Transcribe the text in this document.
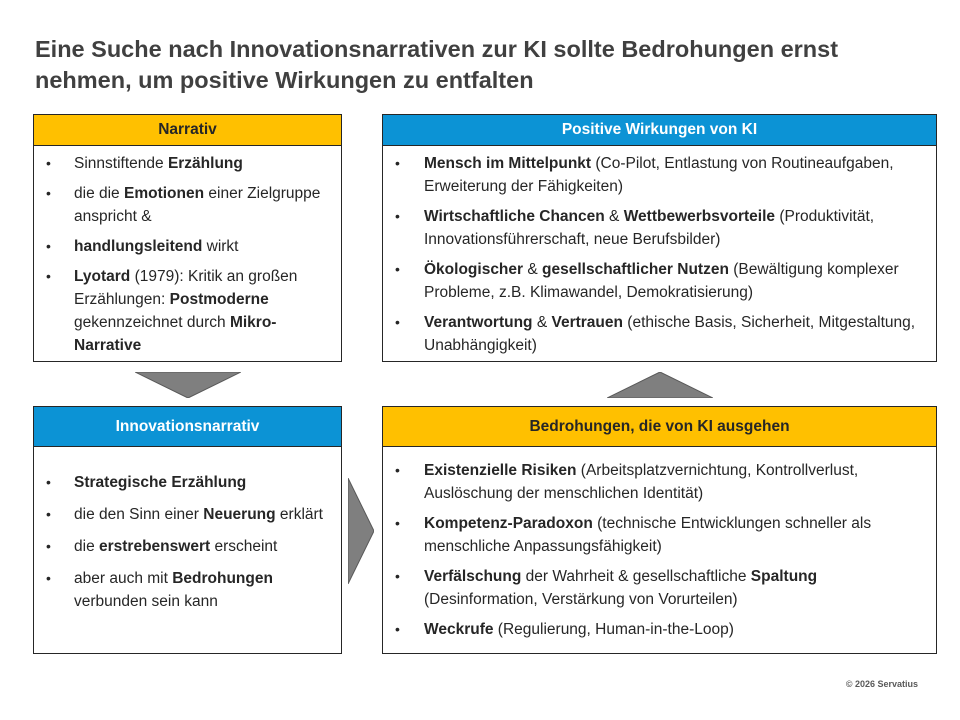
Eine Suche nach Innovationsnarrativen zur KI sollte Bedrohungen ernst nehmen, um positive Wirkungen zu entfalten
Narrativ
• Sinnstiftende Erzählung
• die die Emotionen einer Zielgruppe anspricht &
• handlungsleitend wirkt
• Lyotard (1979): Kritik an großen Erzählungen: Postmoderne gekennzeichnet durch Mikro-Narrative
Positive Wirkungen von KI
• Mensch im Mittelpunkt (Co-Pilot, Entlastung von Routineaufgaben, Erweiterung der Fähigkeiten)
• Wirtschaftliche Chancen & Wettbewerbsvorteile (Produktivität, Innovationsführerschaft, neue Berufsbilder)
• Ökologischer & gesellschaftlicher Nutzen (Bewältigung komplexer Probleme, z.B. Klimawandel, Demokratisierung)
• Verantwortung & Vertrauen (ethische Basis, Sicherheit, Mitgestaltung, Unabhängigkeit)
Innovationsnarrativ
• Strategische Erzählung
• die den Sinn einer Neuerung erklärt
• die erstrebenswert erscheint
• aber auch mit Bedrohungen verbunden sein kann
Bedrohungen, die von KI ausgehen
• Existenzielle Risiken (Arbeitsplatzvernichtung, Kontrollverlust, Auslöschung der menschlichen Identität)
• Kompetenz-Paradoxon (technische Entwicklungen schneller als menschliche Anpassungsfähigkeit)
• Verfälschung der Wahrheit & gesellschaftliche Spaltung (Desinformation, Verstärkung von Vorurteilen)
• Weckrufe (Regulierung, Human-in-the-Loop)
© 2026 Servatius
